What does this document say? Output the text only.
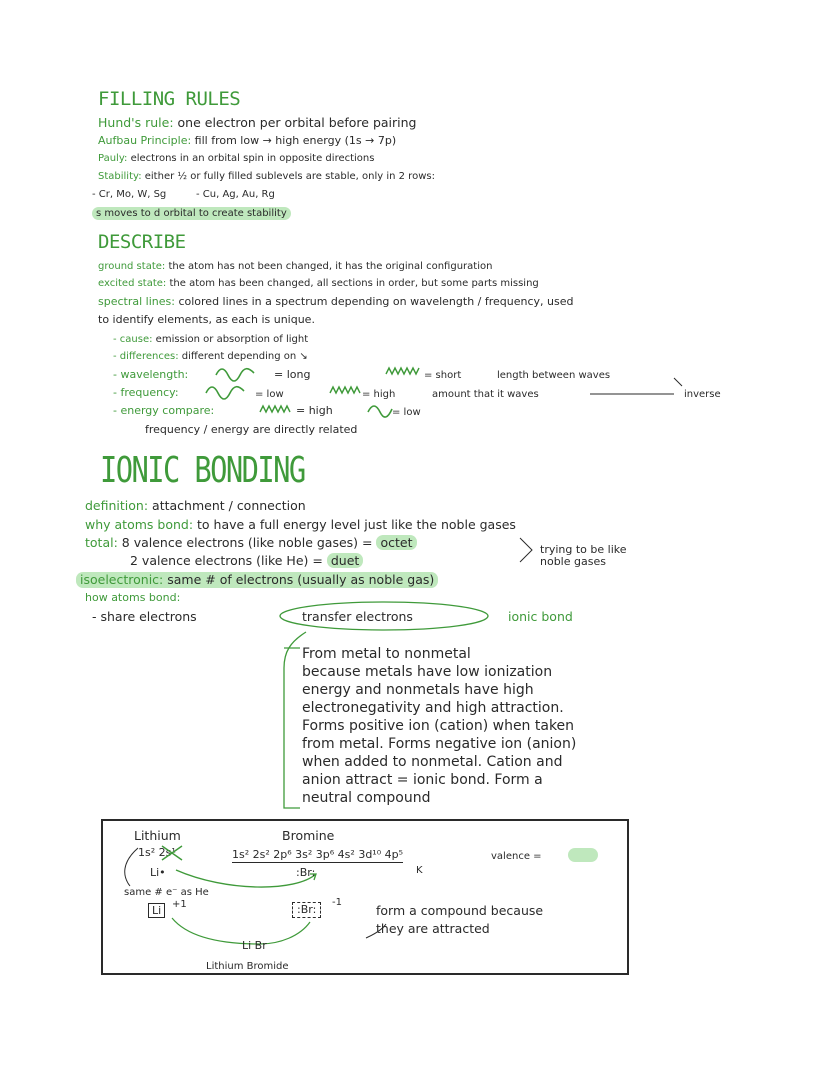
FILLING RULES
Hund's rule: one electron per orbital before pairing
Aufbau Principle: fill from low → high energy (1s → 7p)
Pauly: electrons in an orbital spin in opposite directions
Stability: either ½ or fully filled sublevels are stable, only in 2 rows:
- Cr, Mo, W, Sg	- Cu, Ag, Au, Rg
s moves to d orbital to create stability
DESCRIBE
ground state: the atom has not been changed, it has the original configuration
excited state: the atom has been changed, all sections in order, but some parts missing
spectral lines: colored lines in a spectrum depending on wavelength / frequency, used
to identify elements, as each is unique.
- cause: emission or absorption of light
- differences: different depending on ↘
- wavelength:	= long	= short	length between waves
- frequency:	= low	= high	amount that it waves	inverse
- energy compare:	= high	= low
frequency / energy are directly related
IONIC BONDING
definition: attachment / connection
why atoms bond: to have a full energy level just like the noble gases
total: 8 valence electrons (like noble gases) = octet
2 valence electrons (like He) = duet
trying to be like
noble gases
isoelectronic: same # of electrons (usually as noble gas)
how atoms bond:
- share electrons	transfer electrons	ionic bond
From metal to nonmetal
because metals have low ionization
energy and nonmetals have high
electronegativity and high attraction.
Forms positive ion (cation) when taken
from metal. Forms negative ion (anion)
when added to nonmetal. Cation and
anion attract = ionic bond. Form a
neutral compound
Lithium
1s² 2s¹
Li•
same # e⁻ as He
Li	+1
Bromine
1s² 2s² 2p⁶ 3s² 3p⁶ 4s² 3d¹⁰ 4p⁵
K
:Br:
:Br:
-1
valence =
form a compound because
they are attracted
Li Br
Lithium Bromide
